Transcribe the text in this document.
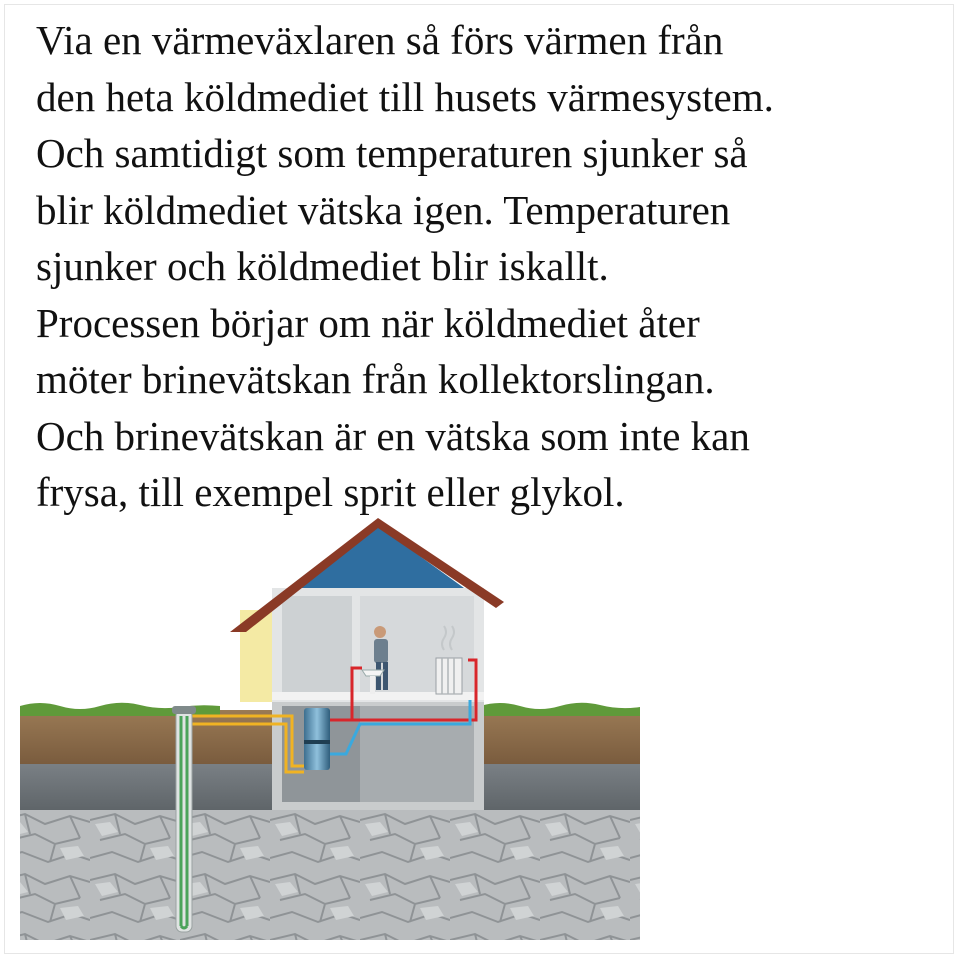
Via en värmeväxlaren så förs värmen från
den heta köldmediet till husets värmesystem.
Och samtidigt som temperaturen sjunker så
blir köldmediet vätska igen. Temperaturen
sjunker och köldmediet blir iskallt.
Processen börjar om när köldmediet åter
möter brinevätskan från kollektorslingan.
Och brinevätskan är en vätska som inte kan
frysa, till exempel sprit eller glykol.
